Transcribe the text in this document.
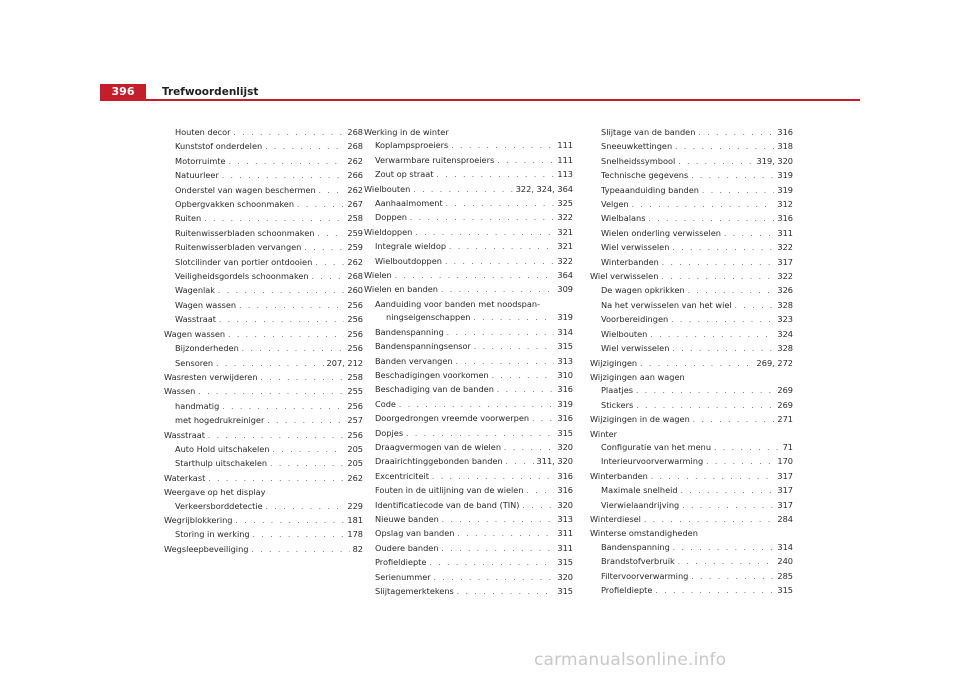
396	Trefwoordenlijst
Houten decor . . .	268
Kunststof onderdelen . . .	268
Motorruimte . . .	262
Natuurleer . . .	266
Onderstel van wagen beschermen . . .	262
Opbergvakken schoonmaken . . .	267
Ruiten . . .	258
Ruitenwisserbladen schoonmaken . . .	259
Ruitenwisserbladen vervangen . . .	259
Slotcilinder van portier ontdooien . . .	262
Veiligheidsgordels schoonmaken . . .	268
Wagenlak . . .	260
Wagen wassen . . .	256
Wasstraat . . .	256
Wagen wassen . . .	256
Bijzonderheden . . .	256
Sensoren . . .	207, 212
Wasresten verwijderen . . .	258
Wassen . . .	255
handmatig . . .	256
met hogedrukreiniger . . .	257
Wasstraat . . .	256
Auto Hold uitschakelen . . .	205
Starthulp uitschakelen . . .	205
Waterkast . . .	262
Weergave op het display
Verkeersborddetectie . . .	229
Wegrijblokkering . . .	181
Storing in werking . . .	178
Wegsleepbeveiliging . . .	82
Werking in de winter
Koplampsproeiers . . .	111
Verwarmbare ruitensproeiers . . .	111
Zout op straat . . .	113
Wielbouten . . .	322, 324, 364
Aanhaalmoment . . .	325
Doppen . . .	322
Wieldoppen . . .	321
Integrale wieldop . . .	321
Wielboutdoppen . . .	322
Wielen . . .	364
Wielen en banden . . .	309
Aanduiding voor banden met noodspan-
ningseigenschappen . . .	319
Bandenspanning . . .	314
Bandenspanningsensor . . .	315
Banden vervangen . . .	313
Beschadigingen voorkomen . . .	310
Beschadiging van de banden . . .	316
Code . . .	319
Doorgedrongen vreemde voorwerpen . . .	316
Dopjes . . .	315
Draagvermogen van de wielen . . .	320
Draairichtinggebonden banden . . .	311, 320
Excentriciteit . . .	316
Fouten in de uitlijning van de wielen . . .	316
Identificatiecode van de band (TIN) . . .	320
Nieuwe banden . . .	313
Opslag van banden . . .	311
Oudere banden . . .	311
Profieldiepte . . .	315
Serienummer . . .	320
Slijtagemerktekens . . .	315
Slijtage van de banden . . .	316
Sneeuwkettingen . . .	318
Snelheidssymbool . . .	319, 320
Technische gegevens . . .	319
Typeaanduiding banden . . .	319
Velgen . . .	312
Wielbalans . . .	316
Wielen onderling verwisselen . . .	311
Wiel verwisselen . . .	322
Winterbanden . . .	317
Wiel verwisselen . . .	322
De wagen opkrikken . . .	326
Na het verwisselen van het wiel . . .	328
Voorbereidingen . . .	323
Wielbouten . . .	324
Wiel verwisselen . . .	328
Wijzigingen . . .	269, 272
Wijzigingen aan wagen
Plaatjes . . .	269
Stickers . . .	269
Wijzigingen in de wagen . . .	271
Winter
Configuratie van het menu . . .	71
Interieurvoorverwarming . . .	170
Winterbanden . . .	317
Maximale snelheid . . .	317
Vierwielaandrijving . . .	317
Winterdiesel . . .	284
Winterse omstandigheden
Bandenspanning . . .	314
Brandstofverbruik . . .	240
Filtervoorverwarming . . .	285
Profieldiepte . . .	315
carmanualsonline.info
